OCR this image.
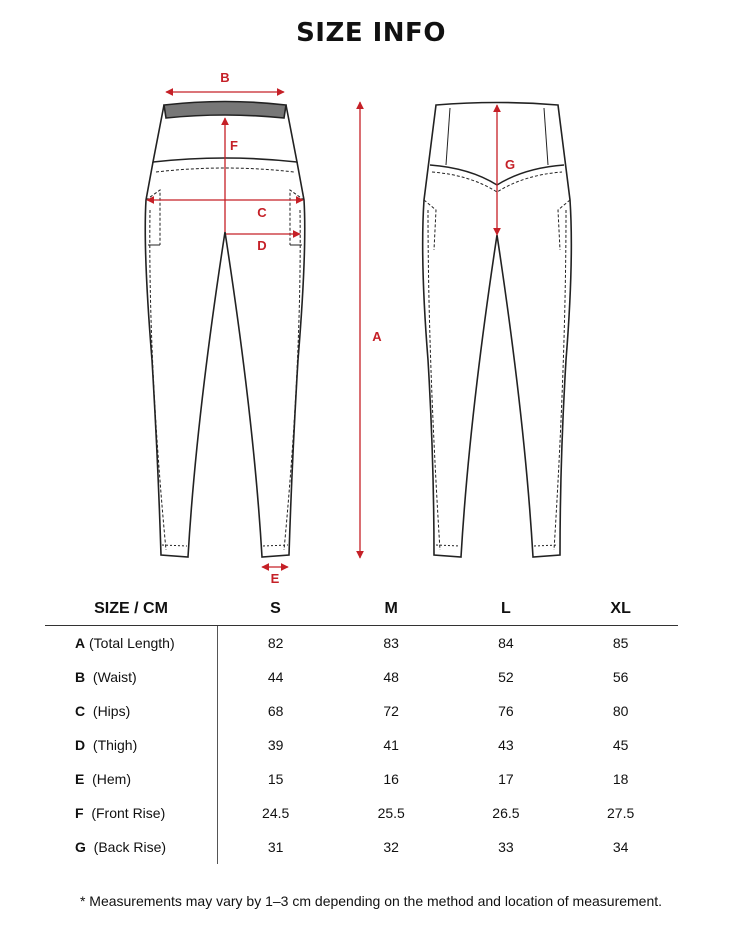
SIZE INFO
A
B
F
C
D
E
G
SIZE / CM	S	M	L	XL
A (Total Length)	82	83	84	85
B (Waist)	44	48	52	56
C (Hips)	68	72	76	80
D (Thigh)	39	41	43	45
E (Hem)	15	16	17	18
F (Front Rise)	24.5	25.5	26.5	27.5
G (Back Rise)	31	32	33	34
* Measurements may vary by 1–3 cm depending on the method and location of measurement.
